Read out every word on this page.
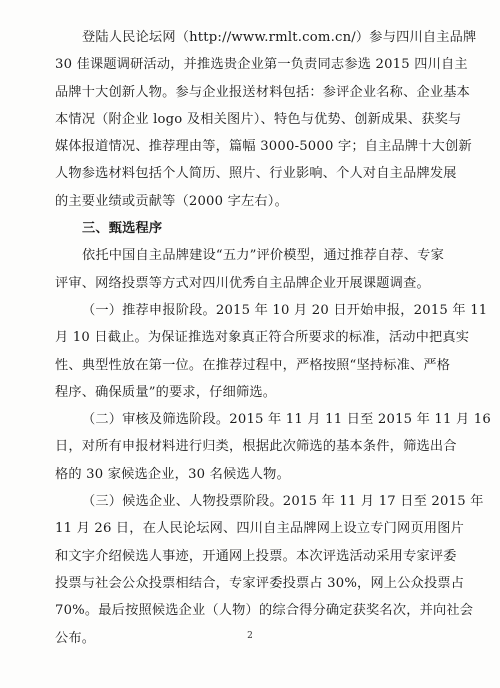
登陆人民论坛网（http://www.rmlt.com.cn/）参与四川自主品牌
30 佳课题调研活动，并推选贵企业第一负责同志参选 2015 四川自主
品牌十大创新人物。参与企业报送材料包括：参评企业名称、企业基本
本情况（附企业 logo 及相关图片）、特色与优势、创新成果、获奖与
媒体报道情况、推荐理由等，篇幅 3000-5000 字；自主品牌十大创新
人物参选材料包括个人简历、照片、行业影响、个人对自主品牌发展
的主要业绩或贡献等（2000 字左右）。
三、甄选程序
依托中国自主品牌建设“五力”评价模型，通过推荐自荐、专家
评审、网络投票等方式对四川优秀自主品牌企业开展课题调查。
（一）推荐申报阶段。2015 年 10 月 20 日开始申报，2015 年 11
月 10 日截止。为保证推选对象真正符合所要求的标准，活动中把真实
性、典型性放在第一位。在推荐过程中，严格按照“坚持标准、严格
程序、确保质量”的要求，仔细筛选。
（二）审核及筛选阶段。2015 年 11 月 11 日至 2015 年 11 月 16
日，对所有申报材料进行归类，根据此次筛选的基本条件，筛选出合
格的 30 家候选企业，30 名候选人物。
（三）候选企业、人物投票阶段。2015 年 11 月 17 日至 2015 年
11 月 26 日，在人民论坛网、四川自主品牌网上设立专门网页用图片
和文字介绍候选人事迹，开通网上投票。本次评选活动采用专家评委
投票与社会公众投票相结合，专家评委投票占 30%，网上公众投票占
70%。最后按照候选企业（人物）的综合得分确定获奖名次，并向社会
公布。	2
